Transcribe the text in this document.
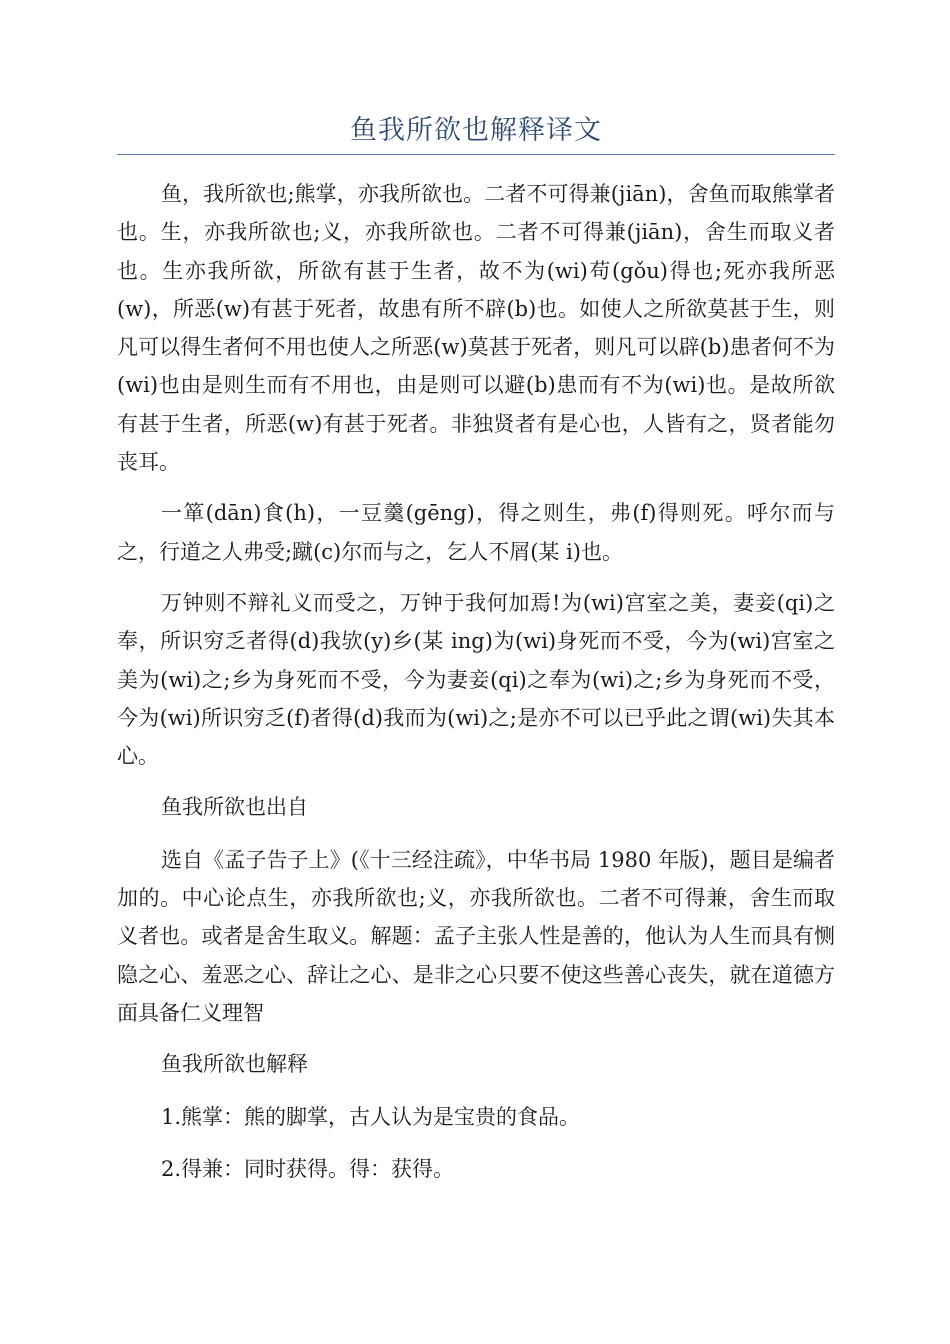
鱼我所欲也解释译文

鱼，我所欲也;熊掌，亦我所欲也。二者不可得兼(jiān)，舍鱼而取熊掌者也。生，亦我所欲也;义，亦我所欲也。二者不可得兼(jiān)，舍生而取义者也。生亦我所欲，所欲有甚于生者，故不为(wi)苟(gǒu)得也;死亦我所恶(w)，所恶(w)有甚于死者，故患有所不辟(b)也。如使人之所欲莫甚于生，则凡可以得生者何不用也使人之所恶(w)莫甚于死者，则凡可以辟(b)患者何不为(wi)也由是则生而有不用也，由是则可以避(b)患而有不为(wi)也。是故所欲有甚于生者，所恶(w)有甚于死者。非独贤者有是心也，人皆有之，贤者能勿丧耳。

一箪(dān)食(h)，一豆羹(gēng)，得之则生，弗(f)得则死。呼尔而与之，行道之人弗受;蹴(c)尔而与之，乞人不屑(某 i)也。

万钟则不辩礼义而受之，万钟于我何加焉!为(wi)宫室之美，妻妾(qi)之奉，所识穷乏者得(d)我欤(y)乡(某 ing)为(wi)身死而不受，今为(wi)宫室之美为(wi)之;乡为身死而不受，今为妻妾(qi)之奉为(wi)之;乡为身死而不受，今为(wi)所识穷乏(f)者得(d)我而为(wi)之;是亦不可以已乎此之谓(wi)失其本心。

鱼我所欲也出自

选自《孟子告子上》(《十三经注疏》，中华书局 1980 年版)，题目是编者加的。中心论点生，亦我所欲也;义，亦我所欲也。二者不可得兼，舍生而取义者也。或者是舍生取义。解题：孟子主张人性是善的，他认为人生而具有恻隐之心、羞恶之心、辞让之心、是非之心只要不使这些善心丧失，就在道德方面具备仁义理智

鱼我所欲也解释

1.熊掌：熊的脚掌，古人认为是宝贵的食品。

2.得兼：同时获得。得：获得。
